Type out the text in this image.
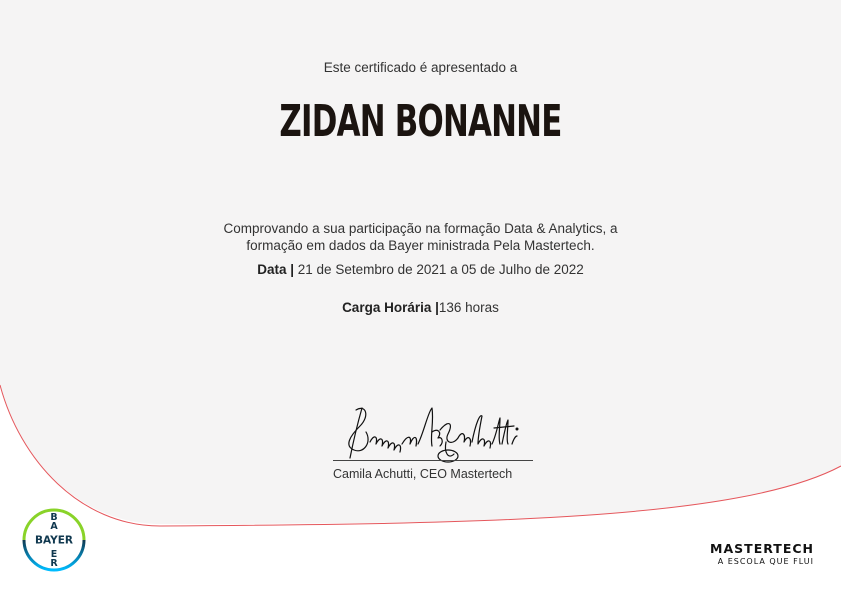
Este certificado é apresentado a
ZIDAN BONANNE
Comprovando a sua participação na formação Data & Analytics, a
formação em dados da Bayer ministrada Pela Mastertech.
Data | 21 de Setembro de 2021 a 05 de Julho de 2022
Carga Horária |136 horas
Camila Achutti, CEO Mastertech
BAYER
B
A
E
R
MASTERTECH
A ESCOLA QUE FLUI
